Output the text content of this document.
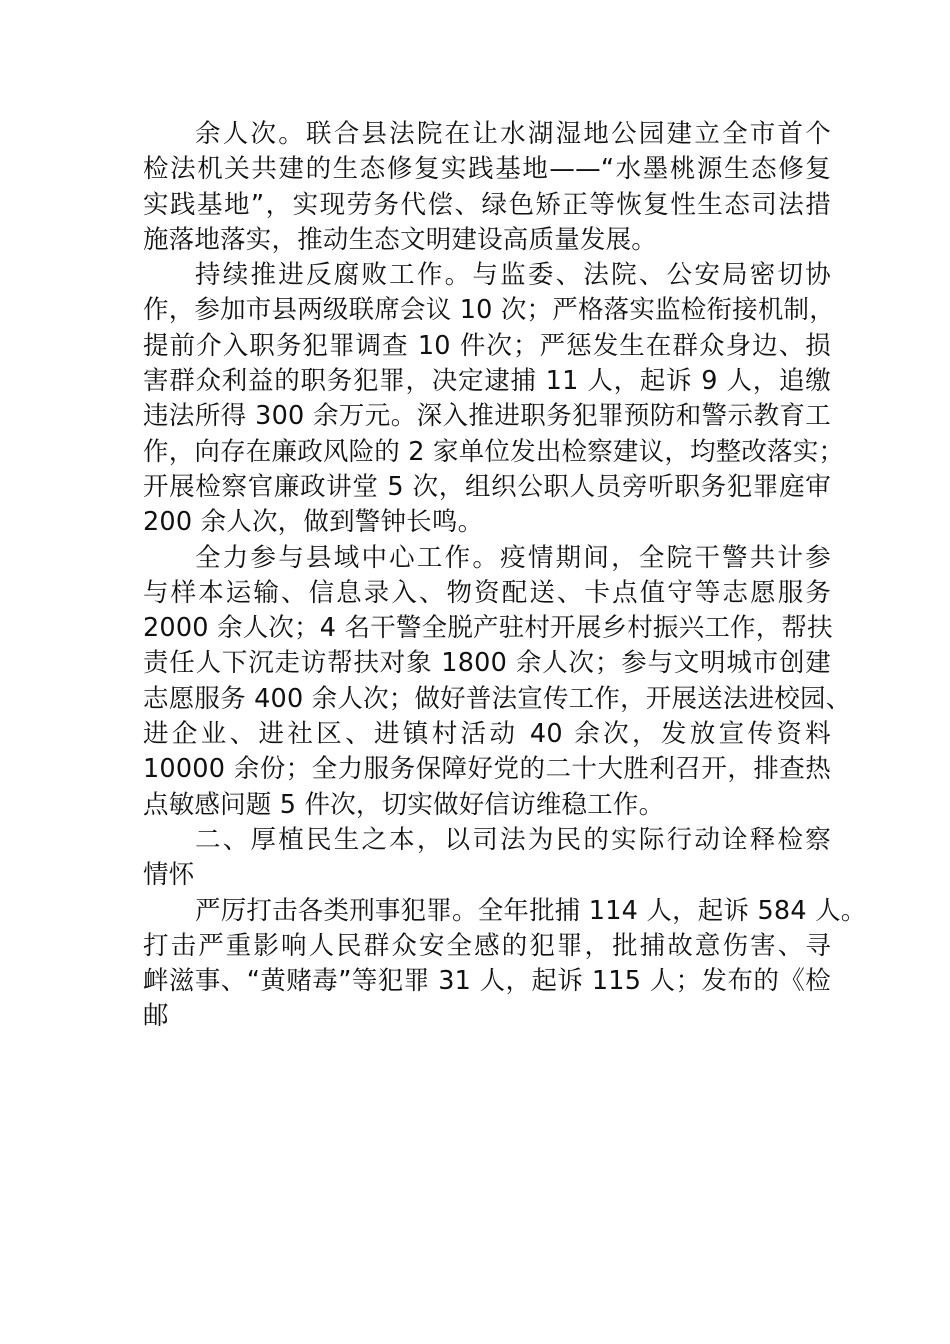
余人次。联合县法院在让水湖湿地公园建立全市首个
检法机关共建的生态修复实践基地——“水墨桃源生态修复
实践基地”，实现劳务代偿、绿色矫正等恢复性生态司法措
施落地落实，推动生态文明建设高质量发展。
持续推进反腐败工作。与监委、法院、公安局密切协
作，参加市县两级联席会议 10 次；严格落实监检衔接机制，
提前介入职务犯罪调查 10 件次；严惩发生在群众身边、损
害群众利益的职务犯罪，决定逮捕 11 人，起诉 9 人，追缴
违法所得 300 余万元。深入推进职务犯罪预防和警示教育工
作，向存在廉政风险的 2 家单位发出检察建议，均整改落实；
开展检察官廉政讲堂 5 次，组织公职人员旁听职务犯罪庭审
200 余人次，做到警钟长鸣。
全力参与县域中心工作。疫情期间，全院干警共计参
与样本运输、信息录入、物资配送、卡点值守等志愿服务
2000 余人次；4 名干警全脱产驻村开展乡村振兴工作，帮扶
责任人下沉走访帮扶对象 1800 余人次；参与文明城市创建
志愿服务 400 余人次；做好普法宣传工作，开展送法进校园、
进企业、进社区、进镇村活动 40 余次，发放宣传资料
10000 余份；全力服务保障好党的二十大胜利召开，排查热
点敏感问题 5 件次，切实做好信访维稳工作。
二、厚植民生之本，以司法为民的实际行动诠释检察
情怀
严厉打击各类刑事犯罪。全年批捕 114 人，起诉 584 人。
打击严重影响人民群众安全感的犯罪，批捕故意伤害、寻
衅滋事、“黄赌毒”等犯罪 31 人，起诉 115 人；发布的《检
邮
